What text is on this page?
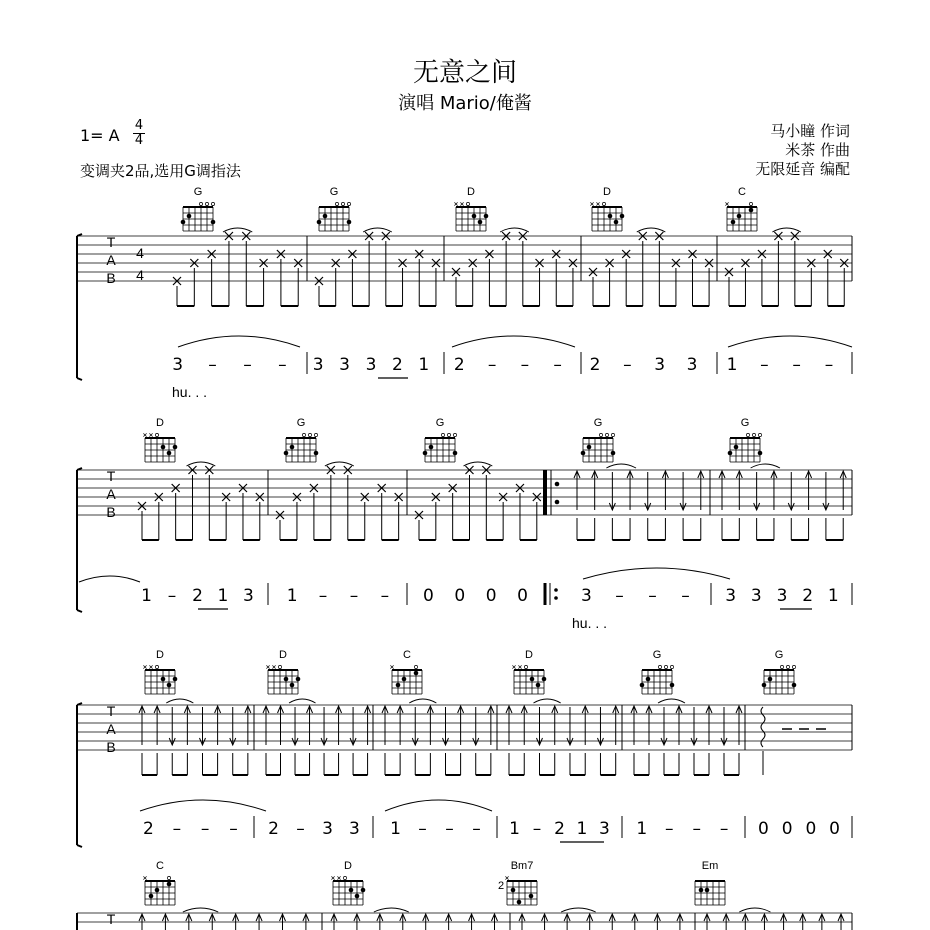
无意之间
演唱 Mario/俺酱
1= A
4
4
变调夹2品,选用G调指法
马小瞳 作词
米茶 作曲
无限延音 编配
G	G	D	D	C
T
A
B
4
4
3 – – – 3 3 3 2 1 2 – – – 2 – 3 3 1 – – –
hu. . .
D	G	G	G	G
T
A
B
1 – 2 1 3 1 – – – 0 0 0 0	3 – – – 3 3 3 2 1
hu. . .
D	D	C	D	G	G
T
A
B
2 – – – 2 – 3 3 1 – – – 1 – 2 1 3 1 – – – 0 0 0 0
C	D	Bm7
2
Em
T
